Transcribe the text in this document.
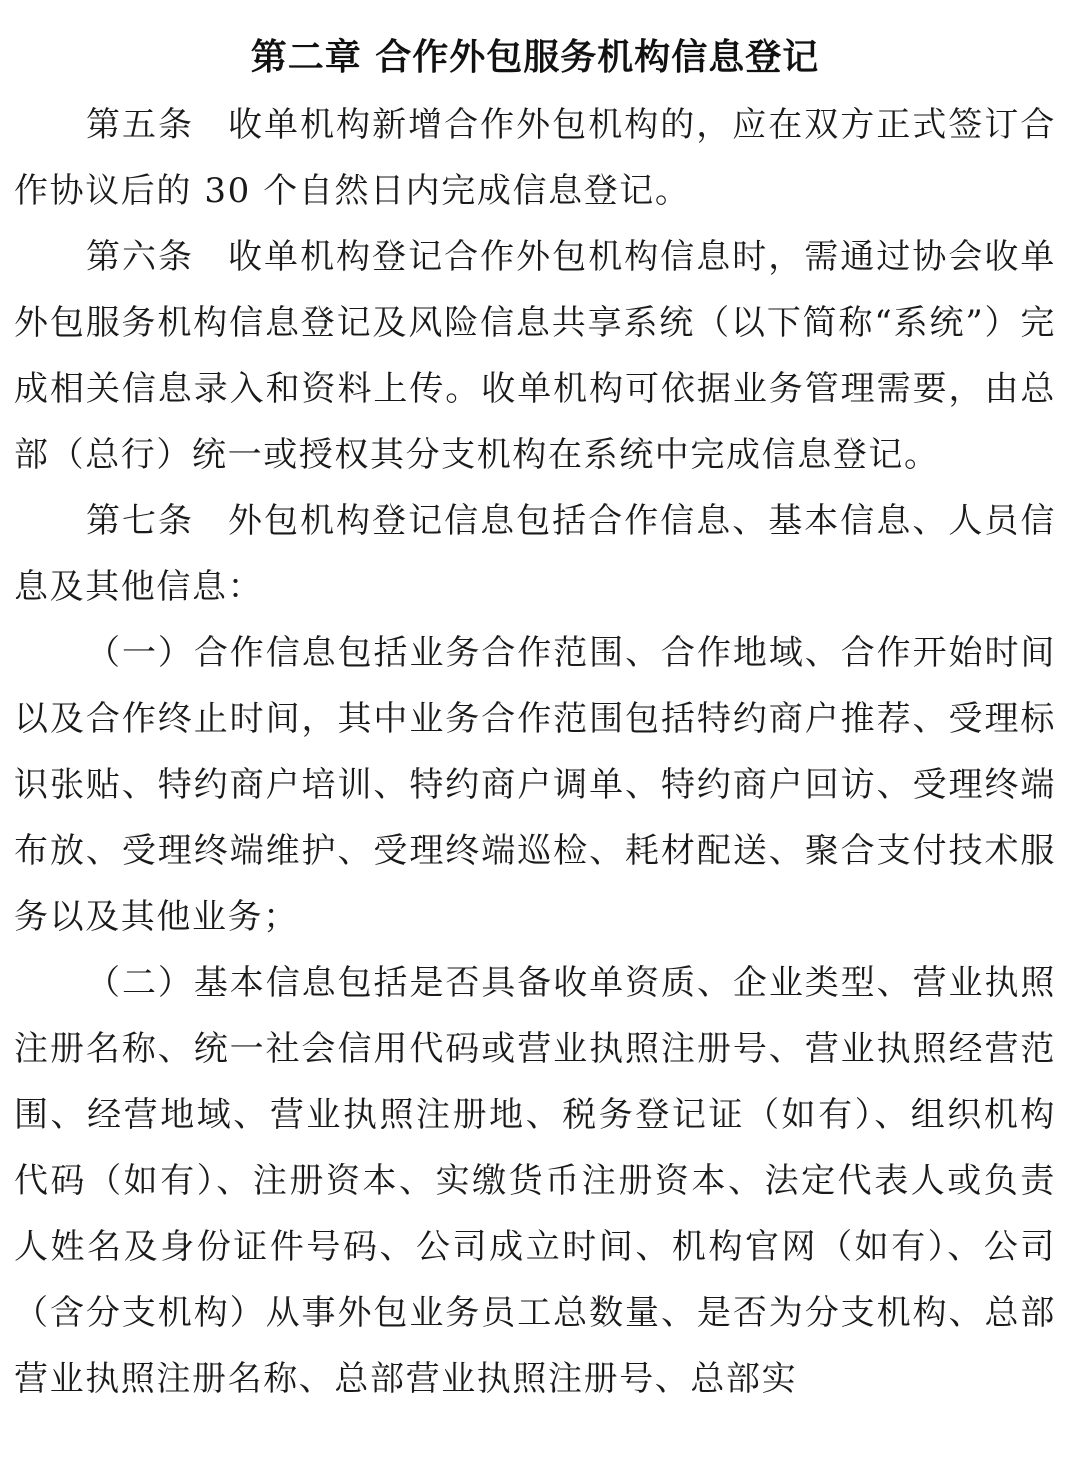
第二章 合作外包服务机构信息登记

第五条 收单机构新增合作外包机构的，应在双方正式签订合作协议后的 30 个自然日内完成信息登记。

第六条 收单机构登记合作外包机构信息时，需通过协会收单外包服务机构信息登记及风险信息共享系统（以下简称“系统”）完成相关信息录入和资料上传。收单机构可依据业务管理需要，由总部（总行）统一或授权其分支机构在系统中完成信息登记。

第七条 外包机构登记信息包括合作信息、基本信息、人员信息及其他信息：

（一）合作信息包括业务合作范围、合作地域、合作开始时间以及合作终止时间，其中业务合作范围包括特约商户推荐、受理标识张贴、特约商户培训、特约商户调单、特约商户回访、受理终端布放、受理终端维护、受理终端巡检、耗材配送、聚合支付技术服务以及其他业务；

（二）基本信息包括是否具备收单资质、企业类型、营业执照注册名称、统一社会信用代码或营业执照注册号、营业执照经营范围、经营地域、营业执照注册地、税务登记证（如有）、组织机构代码（如有）、注册资本、实缴货币注册资本、法定代表人或负责人姓名及身份证件号码、公司成立时间、机构官网（如有）、公司（含分支机构）从事外包业务员工总数量、是否为分支机构、总部营业执照注册名称、总部营业执照注册号、总部实
